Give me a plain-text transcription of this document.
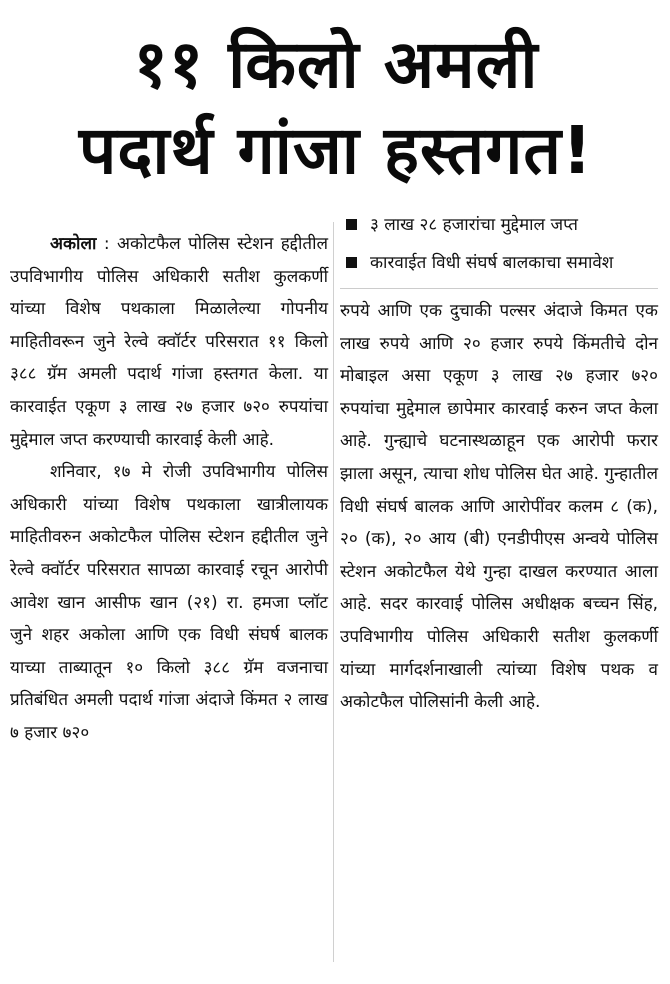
११ किलो अमली
पदार्थ गांजा हस्तगत!

अकोला : अकोटफैल पोलिस स्टेशन हद्दीतील उपविभागीय पोलिस अधिकारी सतीश कुलकर्णी यांच्या विशेष पथकाला मिळालेल्या गोपनीय माहितीवरून जुने रेल्वे क्वॉर्टर परिसरात ११ किलो ३८८ ग्रॅम अमली पदार्थ गांजा हस्तगत केला. या कारवाईत एकूण ३ लाख २७ हजार ७२० रुपयांचा मुद्देमाल जप्त करण्याची कारवाई केली आहे.

शनिवार, १७ मे रोजी उपविभागीय पोलिस अधिकारी यांच्या विशेष पथकाला खात्रीलायक माहितीवरुन अकोटफैल पोलिस स्टेशन हद्दीतील जुने रेल्वे क्वॉर्टर परिसरात सापळा कारवाई रचून आरोपी आवेश खान आसीफ खान (२१) रा. हमजा प्लॉट जुने शहर अकोला आणि एक विधी संघर्ष बालक याच्या ताब्यातून १० किलो ३८८ ग्रॅम वजनाचा प्रतिबंधित अमली पदार्थ गांजा अंदाजे किंमत २ लाख ७ हजार ७२०

३ लाख २८ हजारांचा मुद्देमाल जप्त
कारवाईत विधी संघर्ष बालकाचा समावेश

रुपये आणि एक दुचाकी पल्सर अंदाजे किमत एक लाख रुपये आणि २० हजार रुपये किंमतीचे दोन मोबाइल असा एकूण ३ लाख २७ हजार ७२० रुपयांचा मुद्देमाल छापेमार कारवाई करुन जप्त केला आहे. गुन्ह्याचे घटनास्थळाहून एक आरोपी फरार झाला असून, त्याचा शोध पोलिस घेत आहे. गुन्हातील विधी संघर्ष बालक आणि आरोपींवर कलम ८ (क), २० (क), २० आय (बी) एनडीपीएस अन्वये पोलिस स्टेशन अकोटफैल येथे गुन्हा दाखल करण्यात आला आहे. सदर कारवाई पोलिस अधीक्षक बच्चन सिंह, उपविभागीय पोलिस अधिकारी सतीश कुलकर्णी यांच्या मार्गदर्शनाखाली त्यांच्या विशेष पथक व अकोटफैल पोलिसांनी केली आहे.
